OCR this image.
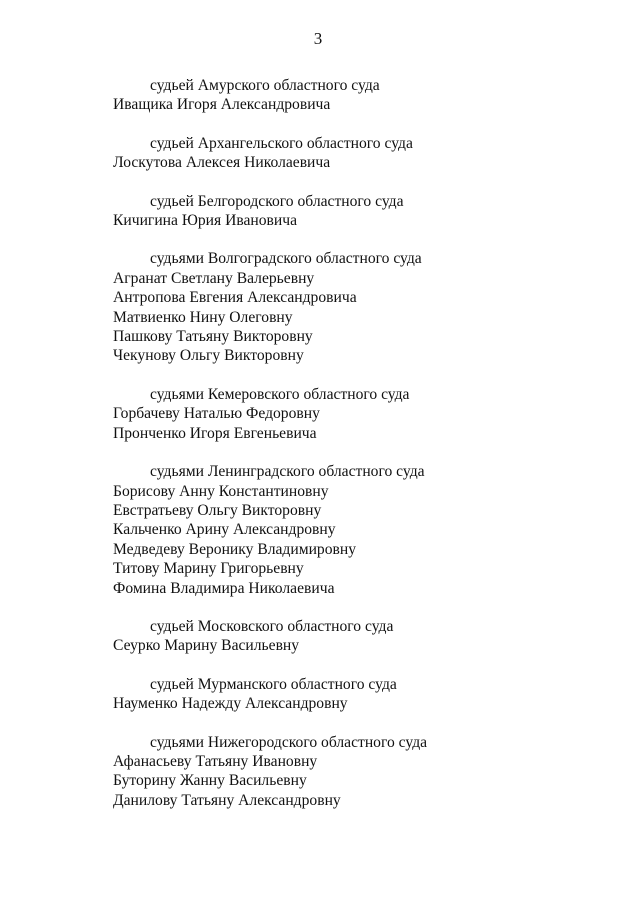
3
судьей Амурского областного суда
Иващика Игоря Александровича
судьей Архангельского областного суда
Лоскутова Алексея Николаевича
судьей Белгородского областного суда
Кичигина Юрия Ивановича
судьями Волгоградского областного суда
Агранат Светлану Валерьевну
Антропова Евгения Александровича
Матвиенко Нину Олеговну
Пашкову Татьяну Викторовну
Чекунову Ольгу Викторовну
судьями Кемеровского областного суда
Горбачеву Наталью Федоровну
Пронченко Игоря Евгеньевича
судьями Ленинградского областного суда
Борисову Анну Константиновну
Евстратьеву Ольгу Викторовну
Кальченко Арину Александровну
Медведеву Веронику Владимировну
Титову Марину Григорьевну
Фомина Владимира Николаевича
судьей Московского областного суда
Сеурко Марину Васильевну
судьей Мурманского областного суда
Науменко Надежду Александровну
судьями Нижегородского областного суда
Афанасьеву Татьяну Ивановну
Буторину Жанну Васильевну
Данилову Татьяну Александровну
